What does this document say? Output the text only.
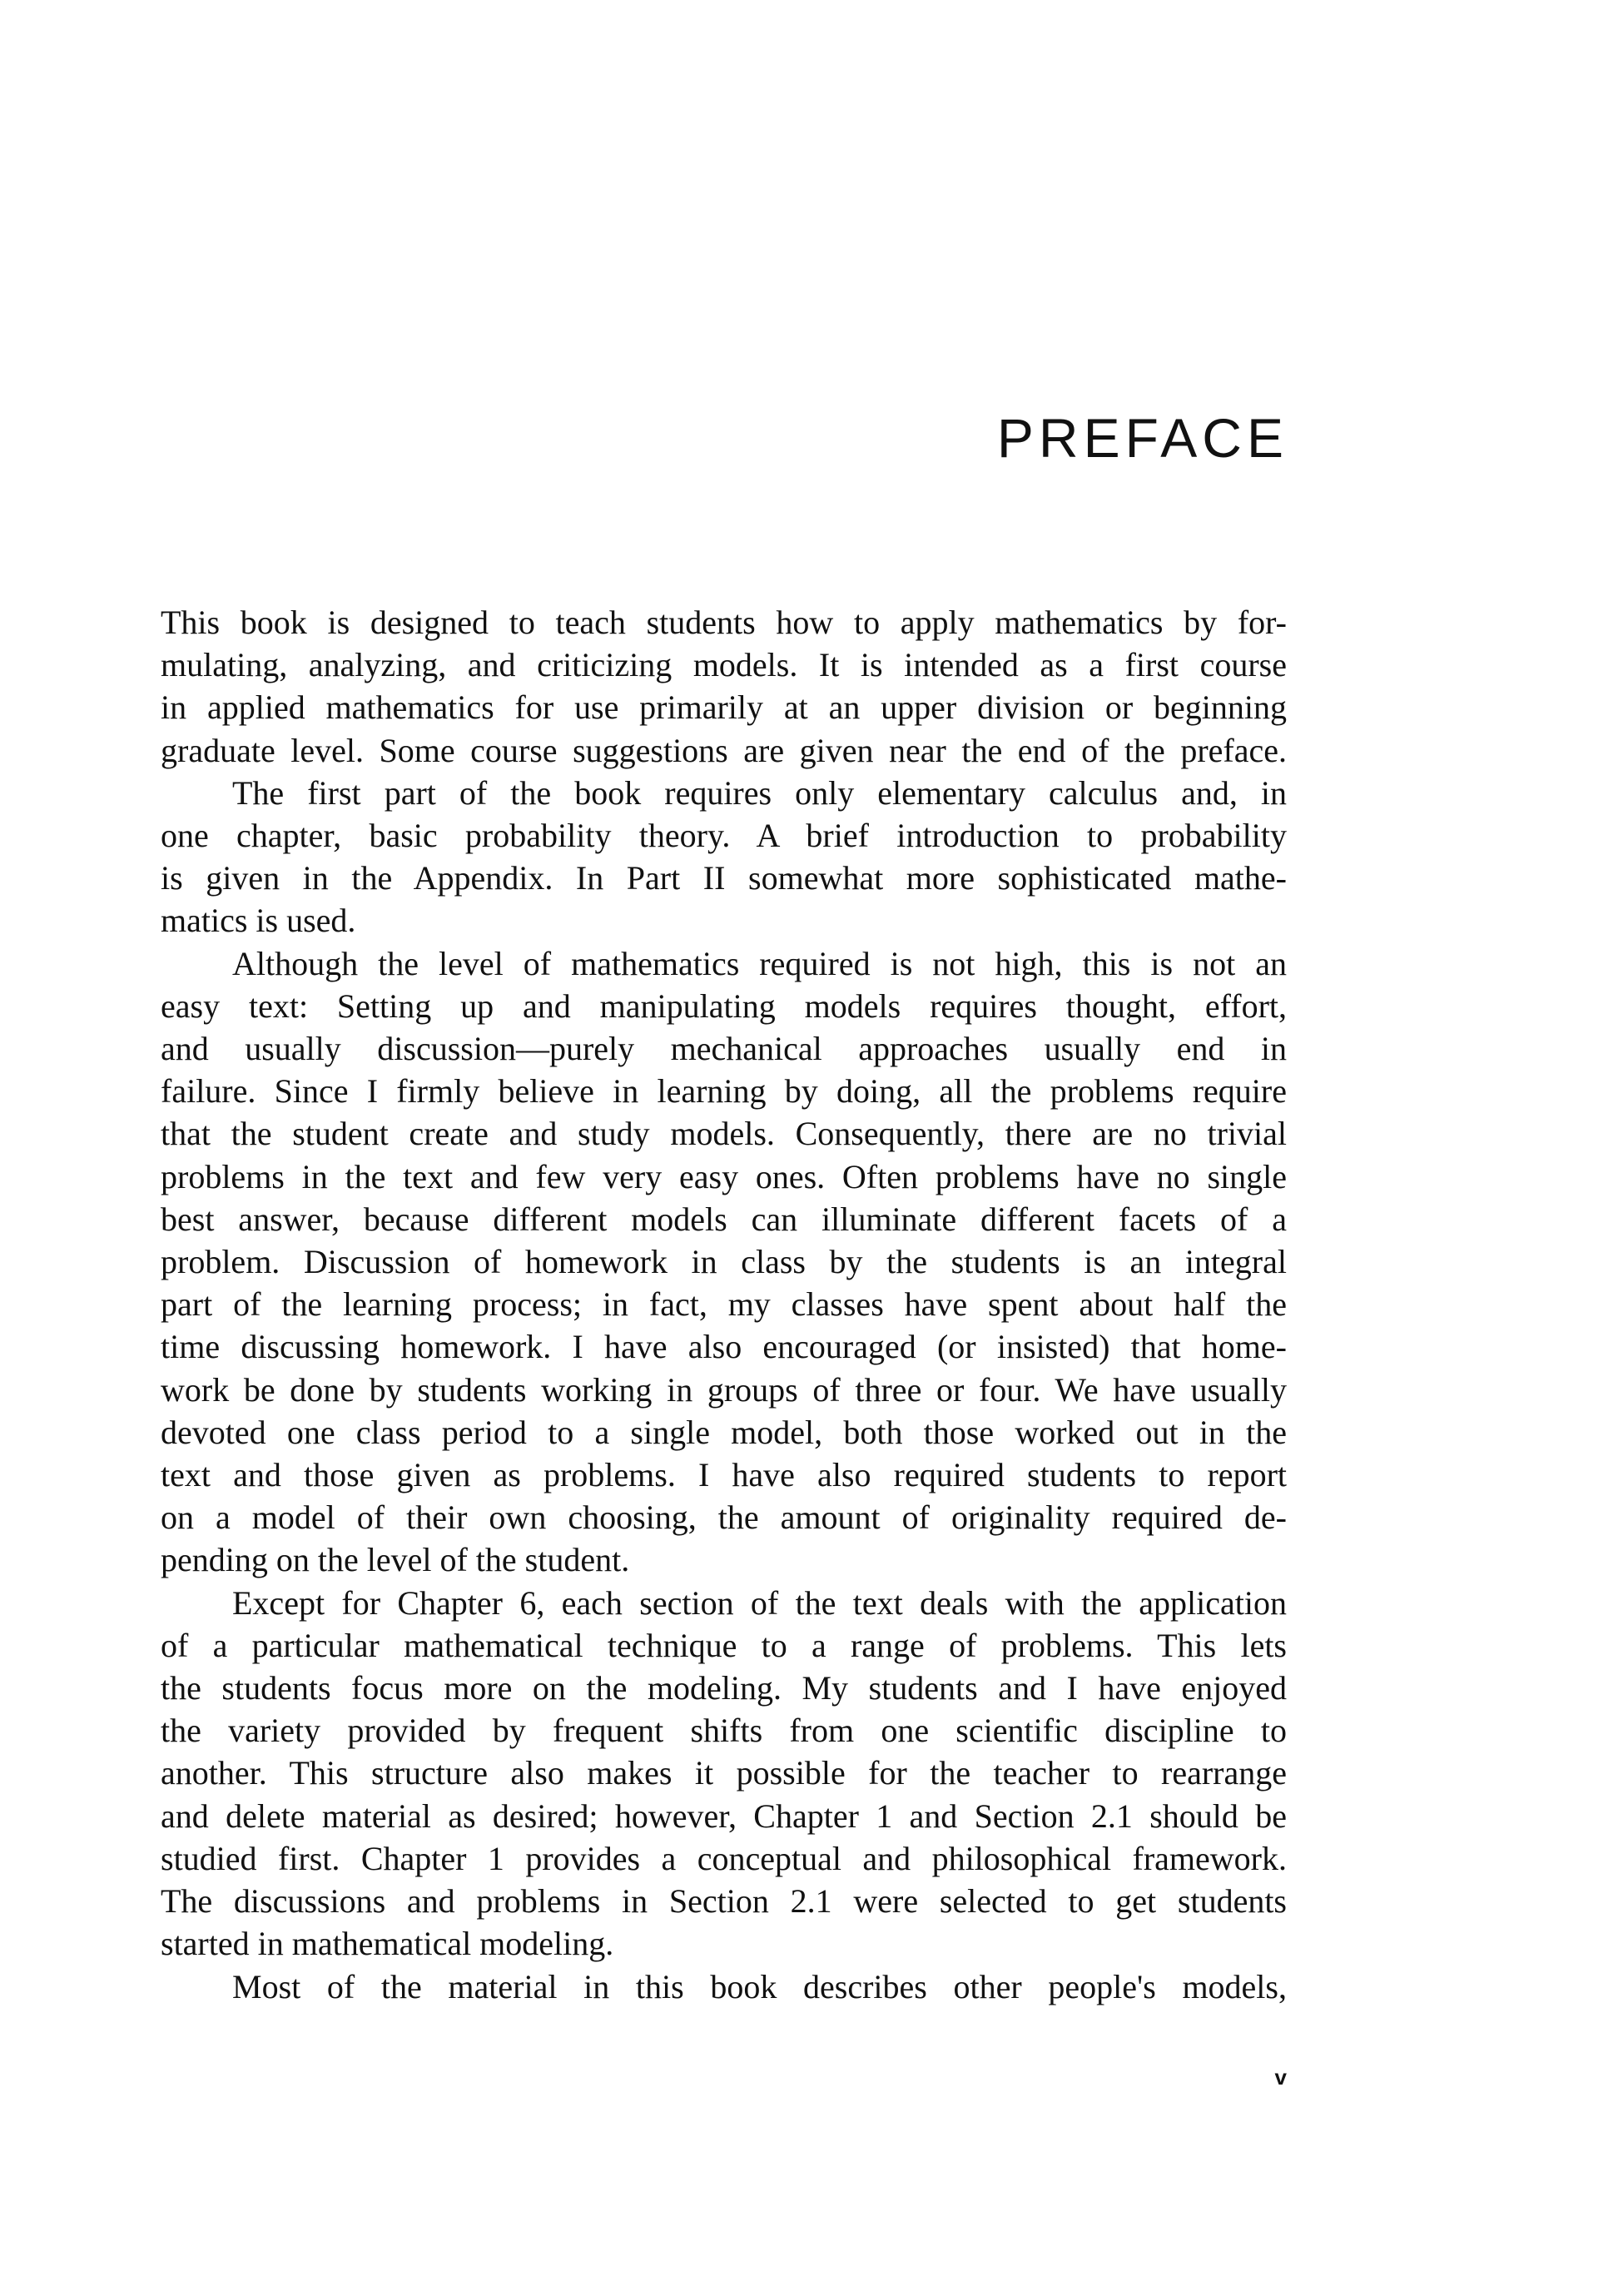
PREFACE

This book is designed to teach students how to apply mathematics by for-
mulating, analyzing, and criticizing models. It is intended as a first course
in applied mathematics for use primarily at an upper division or beginning
graduate level. Some course suggestions are given near the end of the preface.

The first part of the book requires only elementary calculus and, in
one chapter, basic probability theory. A brief introduction to probability
is given in the Appendix. In Part II somewhat more sophisticated mathe-
matics is used.

Although the level of mathematics required is not high, this is not an
easy text: Setting up and manipulating models requires thought, effort,
and usually discussion—purely mechanical approaches usually end in
failure. Since I firmly believe in learning by doing, all the problems require
that the student create and study models. Consequently, there are no trivial
problems in the text and few very easy ones. Often problems have no single
best answer, because different models can illuminate different facets of a
problem. Discussion of homework in class by the students is an integral
part of the learning process; in fact, my classes have spent about half the
time discussing homework. I have also encouraged (or insisted) that home-
work be done by students working in groups of three or four. We have usually
devoted one class period to a single model, both those worked out in the
text and those given as problems. I have also required students to report
on a model of their own choosing, the amount of originality required de-
pending on the level of the student.

Except for Chapter 6, each section of the text deals with the application
of a particular mathematical technique to a range of problems. This lets
the students focus more on the modeling. My students and I have enjoyed
the variety provided by frequent shifts from one scientific discipline to
another. This structure also makes it possible for the teacher to rearrange
and delete material as desired; however, Chapter 1 and Section 2.1 should be
studied first. Chapter 1 provides a conceptual and philosophical framework.
The discussions and problems in Section 2.1 were selected to get students
started in mathematical modeling.

Most of the material in this book describes other people's models,

v
